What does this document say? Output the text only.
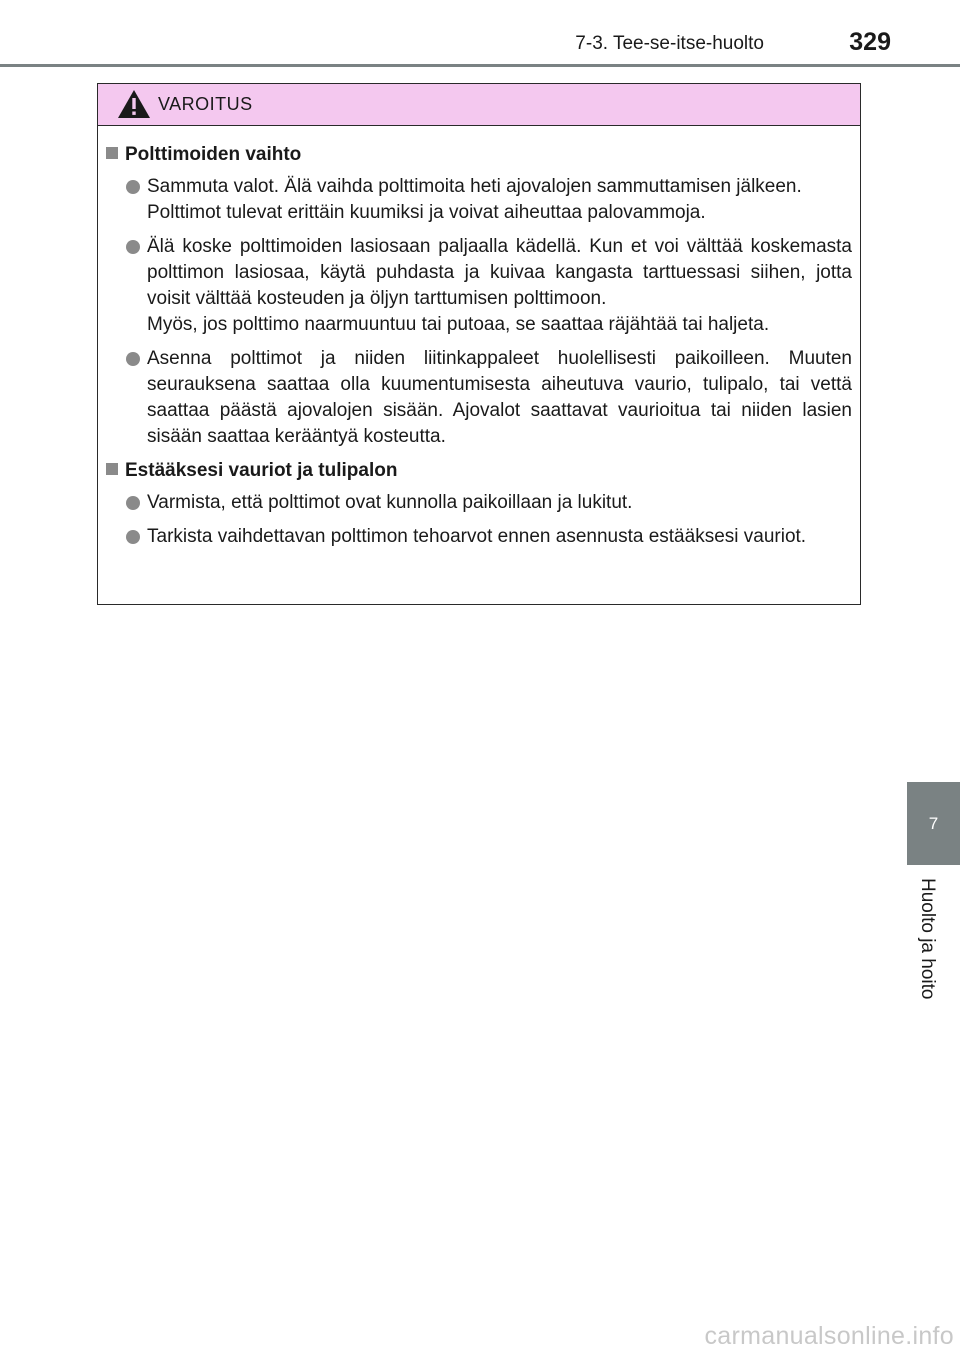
7-3. Tee-se-itse-huolto	329
VAROITUS
Polttimoiden vaihto

Sammuta valot. Älä vaihda polttimoita heti ajovalojen sammuttamisen jälkeen.

Polttimot tulevat erittäin kuumiksi ja voivat aiheuttaa palovammoja.

Älä koske polttimoiden lasiosaan paljaalla kädellä. Kun et voi välttää koskemasta polttimon lasiosaa, käytä puhdasta ja kuivaa kangasta tarttuessasi siihen, jotta voisit välttää kosteuden ja öljyn tarttumisen polttimoon.

Myös, jos polttimo naarmuuntuu tai putoaa, se saattaa räjähtää tai haljeta.

Asenna polttimot ja niiden liitinkappaleet huolellisesti paikoilleen. Muuten seurauksena saattaa olla kuumentumisesta aiheutuva vaurio, tulipalo, tai vettä saattaa päästä ajovalojen sisään. Ajovalot saattavat vaurioitua tai niiden lasien sisään saattaa kerääntyä kosteutta.

Estääksesi vauriot ja tulipalon

Varmista, että polttimot ovat kunnolla paikoillaan ja lukitut.

Tarkista vaihdettavan polttimon tehoarvot ennen asennusta estääksesi vauriot.

7
Huolto ja hoito
carmanualsonline.info
